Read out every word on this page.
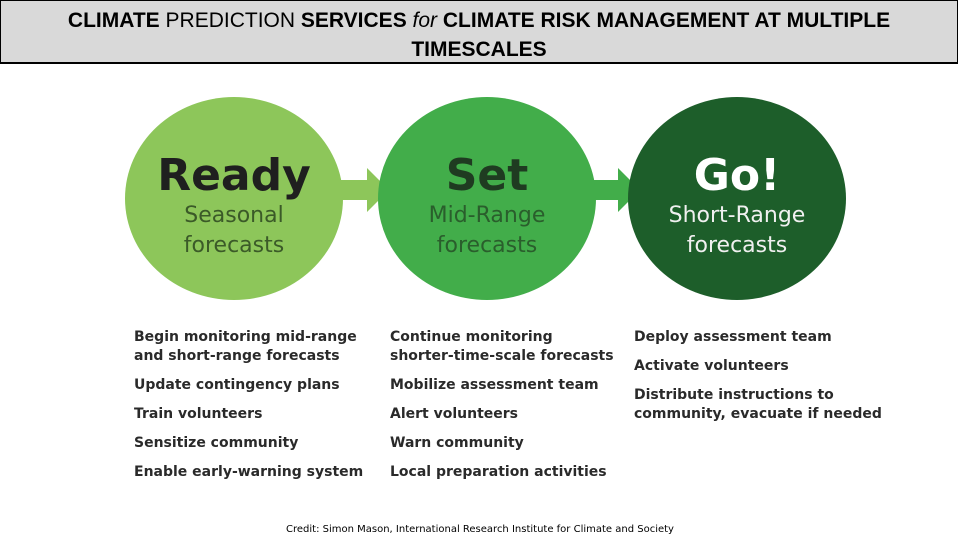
CLIMATE PREDICTION SERVICES for CLIMATE RISK MANAGEMENT AT MULTIPLE TIMESCALES
Ready
Seasonal
forecasts
Set
Mid-Range
forecasts
Go!
Short-Range
forecasts
Begin monitoring mid-range and short-range forecasts
Update contingency plans
Train volunteers
Sensitize community
Enable early-warning system
Continue monitoring shorter-time-scale forecasts
Mobilize assessment team
Alert volunteers
Warn community
Local preparation activities
Deploy assessment team
Activate volunteers
Distribute instructions to community, evacuate if needed
Credit: Simon Mason, International Research Institute for Climate and Society
